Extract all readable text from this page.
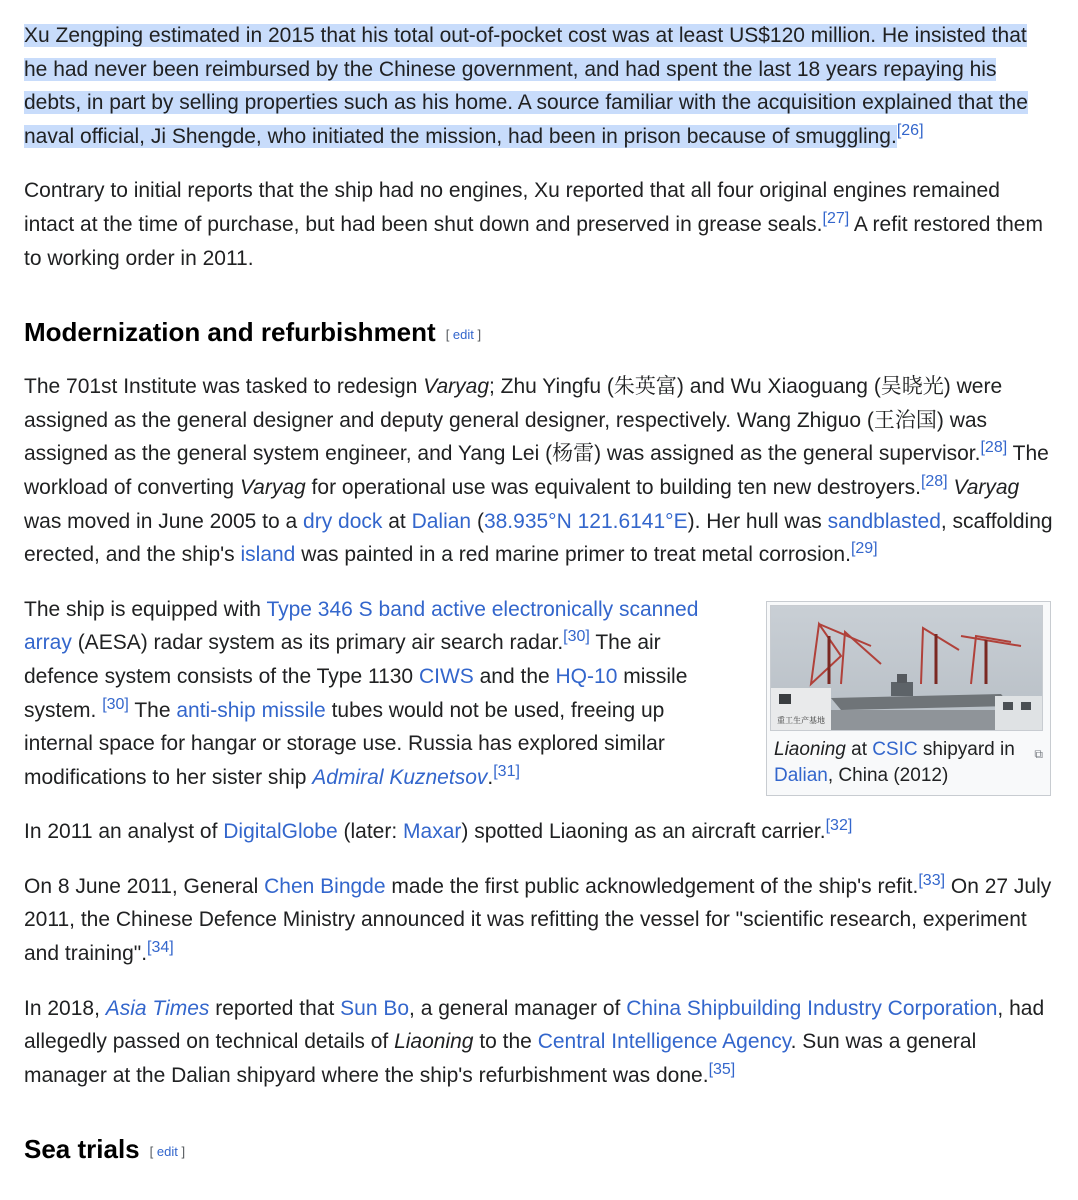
Xu Zengping estimated in 2015 that his total out-of-pocket cost was at least US$120 million. He insisted that he had never been reimbursed by the Chinese government, and had spent the last 18 years repaying his debts, in part by selling properties such as his home. A source familiar with the acquisition explained that the naval official, Ji Shengde, who initiated the mission, had been in prison because of smuggling.[26]

Contrary to initial reports that the ship had no engines, Xu reported that all four original engines remained intact at the time of purchase, but had been shut down and preserved in grease seals.[27] A refit restored them to working order in 2011.

Modernization and refurbishment [ edit ]

The 701st Institute was tasked to redesign Varyag; Zhu Yingfu (朱英富) and Wu Xiaoguang (吴晓光) were assigned as the general designer and deputy general designer, respectively. Wang Zhiguo (王治国) was assigned as the general system engineer, and Yang Lei (杨雷) was assigned as the general supervisor.[28] The workload of converting Varyag for operational use was equivalent to building ten new destroyers.[28] Varyag was moved in June 2005 to a dry dock at Dalian (38.935°N 121.6141°E). Her hull was sandblasted, scaffolding erected, and the ship's island was painted in a red marine primer to treat metal corrosion.[29]

重工生产基地
⧉
Liaoning at CSIC shipyard in Dalian, China (2012)

The ship is equipped with Type 346 S band active electronically scanned array (AESA) radar system as its primary air search radar.[30] The air defence system consists of the Type 1130 CIWS and the HQ-10 missile system. [30] The anti-ship missile tubes would not be used, freeing up internal space for hangar or storage use. Russia has explored similar modifications to her sister ship Admiral Kuznetsov.[31]

In 2011 an analyst of DigitalGlobe (later: Maxar) spotted Liaoning as an aircraft carrier.[32]

On 8 June 2011, General Chen Bingde made the first public acknowledgement of the ship's refit.[33] On 27 July 2011, the Chinese Defence Ministry announced it was refitting the vessel for "scientific research, experiment and training".[34]

In 2018, Asia Times reported that Sun Bo, a general manager of China Shipbuilding Industry Corporation, had allegedly passed on technical details of Liaoning to the Central Intelligence Agency. Sun was a general manager at the Dalian shipyard where the ship's refurbishment was done.[35]

Sea trials [ edit ]
